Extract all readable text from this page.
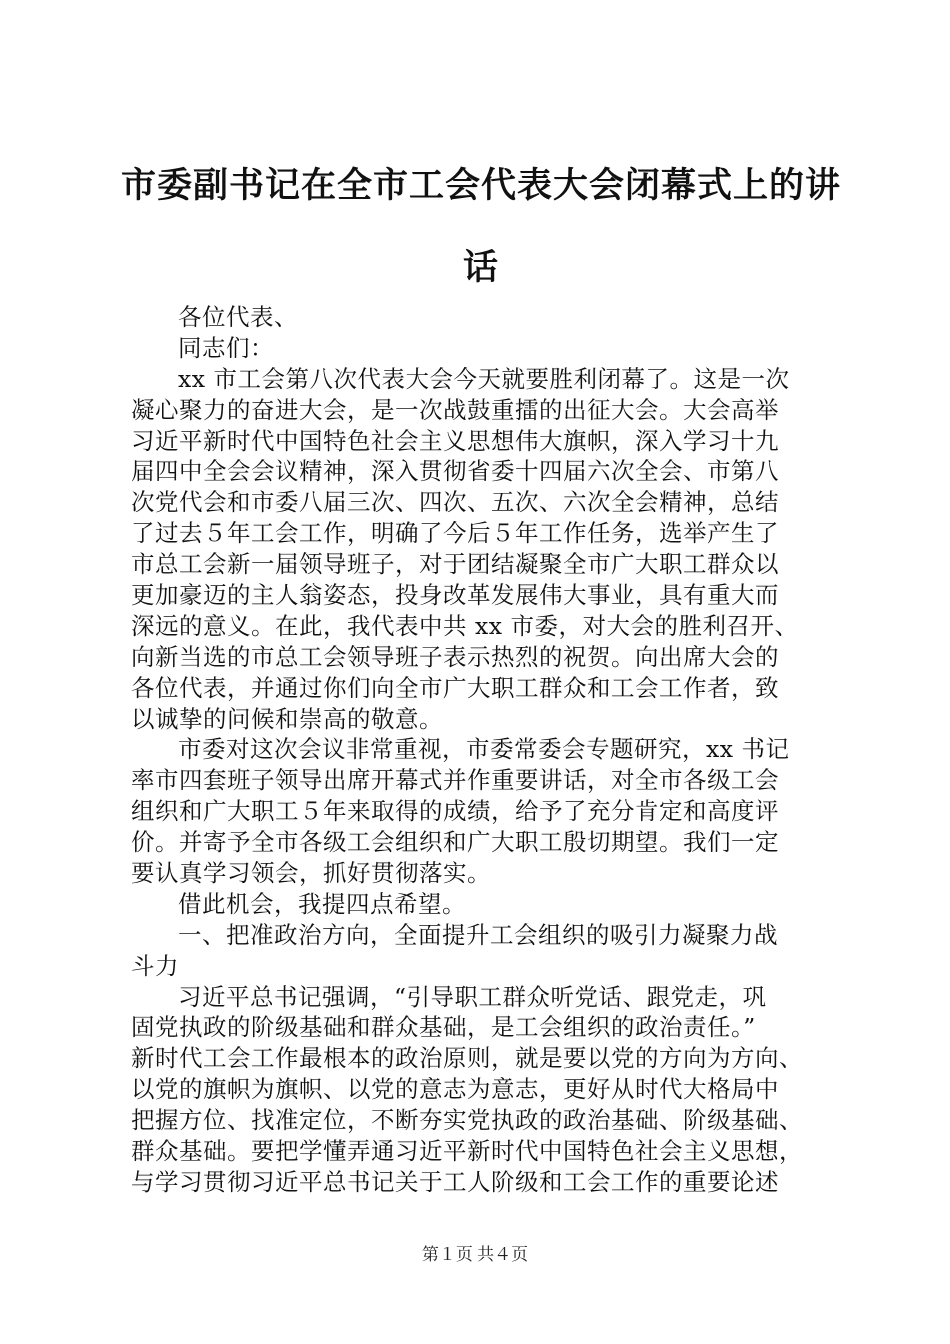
市委副书记在全市工会代表大会闭幕式上的讲
话
各位代表、
同志们：
xx 市工会第八次代表大会今天就要胜利闭幕了。这是一次
凝心聚力的奋进大会，是一次战鼓重擂的出征大会。大会高举
习近平新时代中国特色社会主义思想伟大旗帜，深入学习十九
届四中全会会议精神，深入贯彻省委十四届六次全会、市第八
次党代会和市委八届三次、四次、五次、六次全会精神，总结
了过去５年工会工作，明确了今后５年工作任务，选举产生了
市总工会新一届领导班子，对于团结凝聚全市广大职工群众以
更加豪迈的主人翁姿态，投身改革发展伟大事业，具有重大而
深远的意义。在此，我代表中共 xx 市委，对大会的胜利召开、
向新当选的市总工会领导班子表示热烈的祝贺。向出席大会的
各位代表，并通过你们向全市广大职工群众和工会工作者，致
以诚挚的问候和崇高的敬意。
市委对这次会议非常重视，市委常委会专题研究，xx 书记
率市四套班子领导出席开幕式并作重要讲话，对全市各级工会
组织和广大职工５年来取得的成绩，给予了充分肯定和高度评
价。并寄予全市各级工会组织和广大职工殷切期望。我们一定
要认真学习领会，抓好贯彻落实。
借此机会，我提四点希望。
一、把准政治方向，全面提升工会组织的吸引力凝聚力战
斗力
习近平总书记强调，“引导职工群众听党话、跟党走，巩
固党执政的阶级基础和群众基础，是工会组织的政治责任。”
新时代工会工作最根本的政治原则，就是要以党的方向为方向、
以党的旗帜为旗帜、以党的意志为意志，更好从时代大格局中
把握方位、找准定位，不断夯实党执政的政治基础、阶级基础、
群众基础。要把学懂弄通习近平新时代中国特色社会主义思想，
与学习贯彻习近平总书记关于工人阶级和工会工作的重要论述
第１页 共４页
